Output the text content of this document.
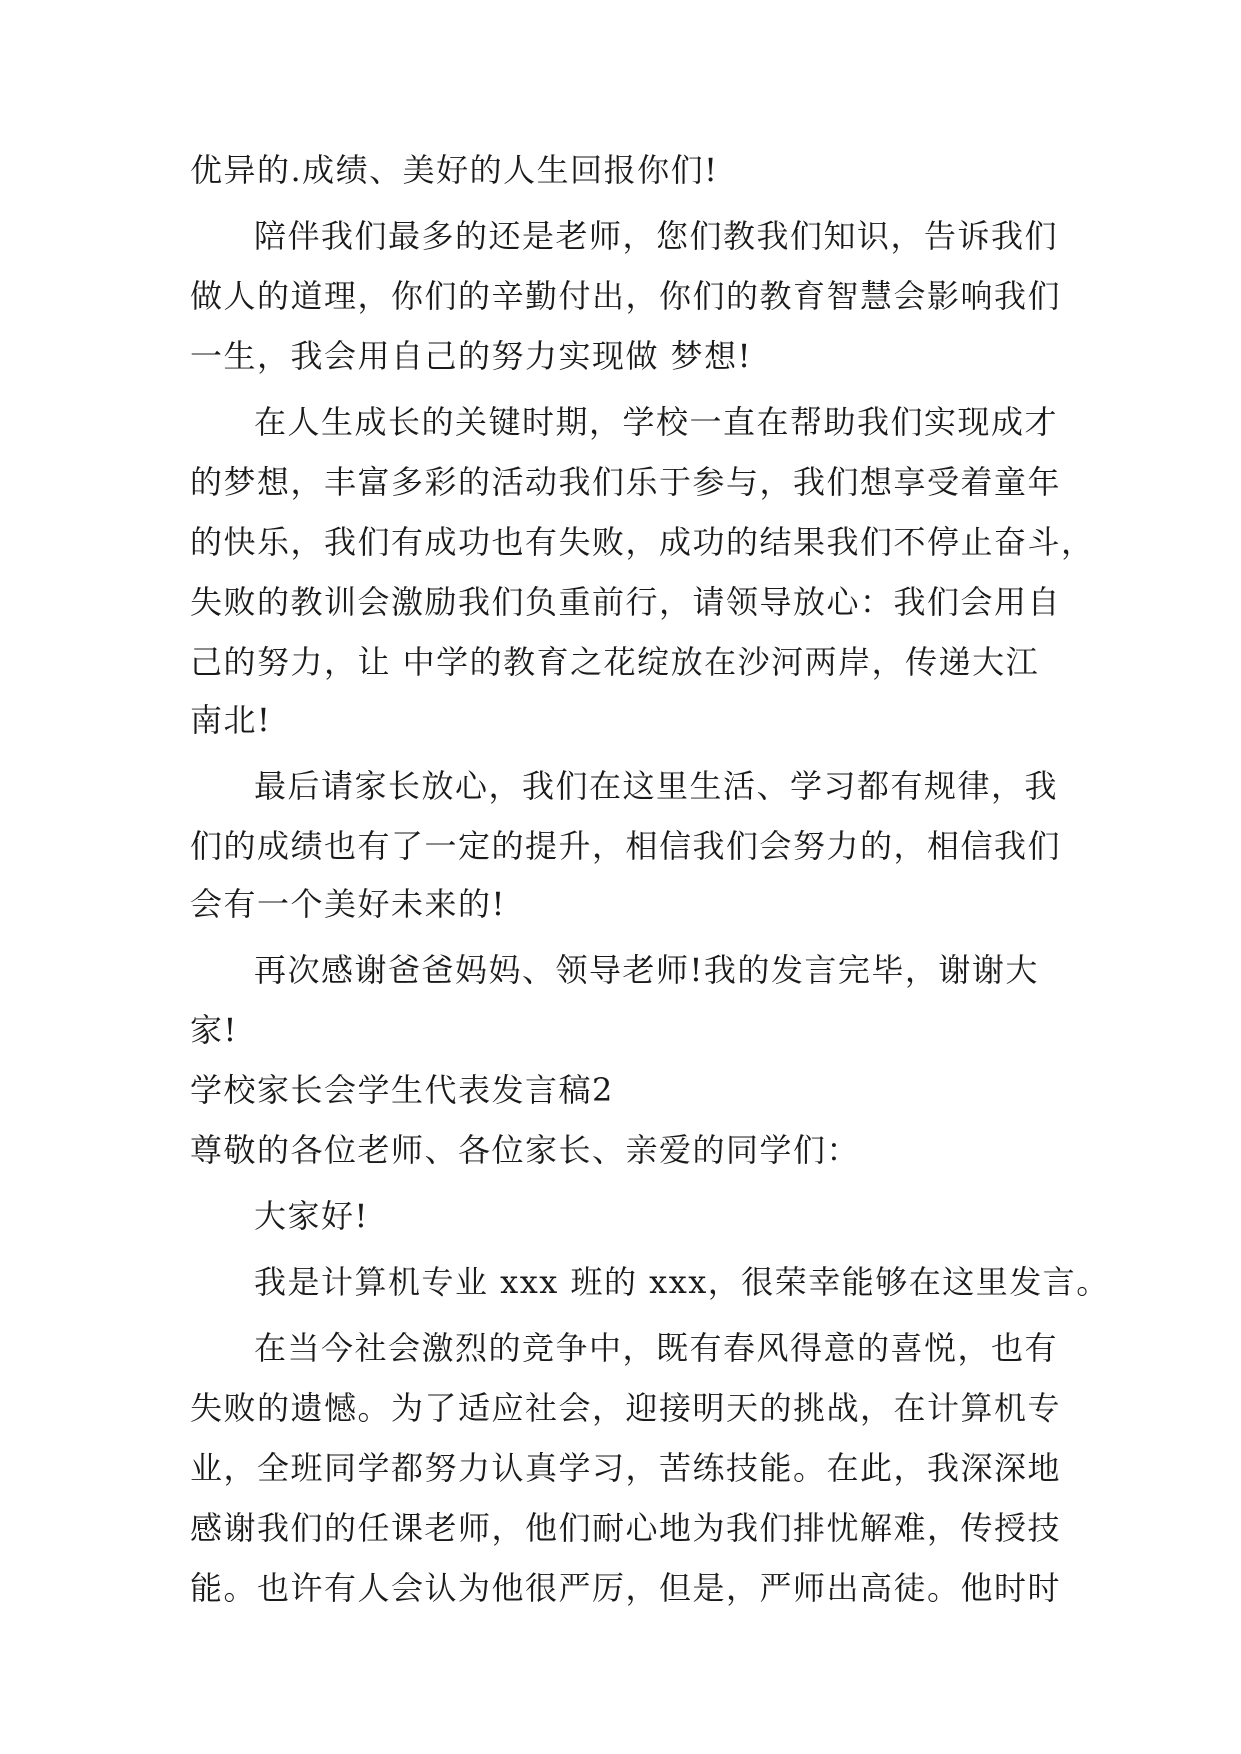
优异的.成绩、美好的人生回报你们!

陪伴我们最多的还是老师，您们教我们知识，告诉我们

做人的道理，你们的辛勤付出，你们的教育智慧会影响我们

一生，我会用自己的努力实现做 梦想!

在人生成长的关键时期，学校一直在帮助我们实现成才

的梦想，丰富多彩的活动我们乐于参与，我们想享受着童年

的快乐，我们有成功也有失败，成功的结果我们不停止奋斗，

失败的教训会激励我们负重前行，请领导放心：我们会用自

己的努力，让 中学的教育之花绽放在沙河两岸，传递大江

南北!

最后请家长放心，我们在这里生活、学习都有规律，我

们的成绩也有了一定的提升，相信我们会努力的，相信我们

会有一个美好未来的!

再次感谢爸爸妈妈、领导老师!我的发言完毕，谢谢大

家!

学校家长会学生代表发言稿2

尊敬的各位老师、各位家长、亲爱的同学们：

大家好!

我是计算机专业 xxx 班的 xxx，很荣幸能够在这里发言。

在当今社会激烈的竞争中，既有春风得意的喜悦，也有

失败的遗憾。为了适应社会，迎接明天的挑战，在计算机专

业，全班同学都努力认真学习，苦练技能。在此，我深深地

感谢我们的任课老师，他们耐心地为我们排忧解难，传授技

能。也许有人会认为他很严厉，但是，严师出高徒。他时时
